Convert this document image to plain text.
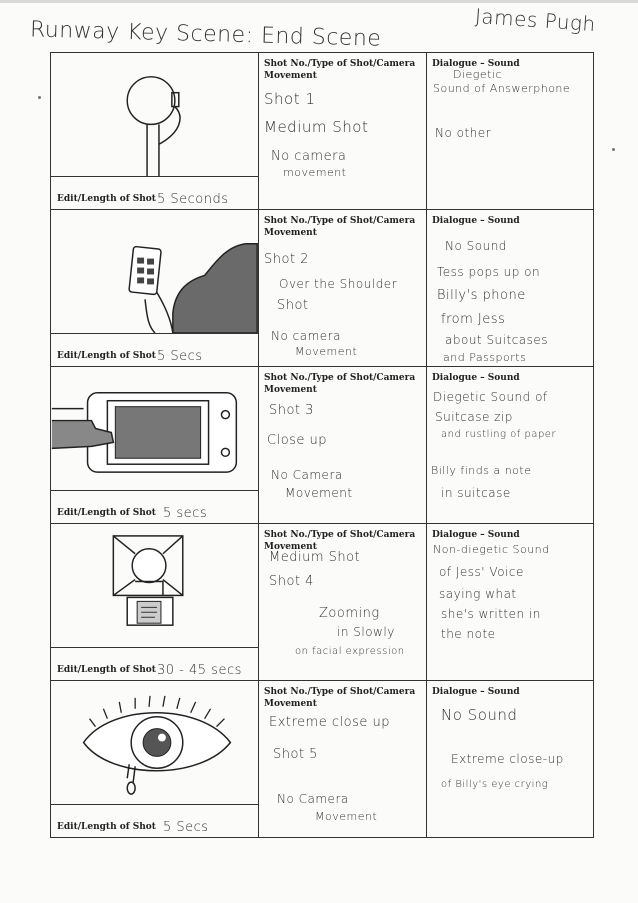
Runway Key Scene: End Scene	James Pugh
Edit/Length of Shot 5 Seconds
Shot No./Type of Shot/Camera Movement
Shot 1
Medium Shot
No camera
movement
Dialogue – Sound
Diegetic
Sound of Answerphone
No other
Edit/Length of Shot 5 Secs
Shot No./Type of Shot/Camera Movement
Shot 2
Over the Shoulder
Shot
No camera
Movement
Dialogue – Sound
No Sound
Tess pops up on
Billy's phone
from Jess
about Suitcases
and Passports
Edit/Length of Shot 5 secs
Shot No./Type of Shot/Camera Movement
Shot 3
Close up
No Camera
Movement
Dialogue – Sound
Diegetic Sound of
Suitcase zip
and rustling of paper
Billy finds a note
in suitcase
Edit/Length of Shot 30 - 45 secs
Shot No./Type of Shot/Camera Movement
Medium Shot
Shot 4
Zooming
in Slowly
on facial expression
Dialogue – Sound
Non-diegetic Sound
of Jess' Voice
saying what
she's written in
the note
Edit/Length of Shot 5 Secs
Shot No./Type of Shot/Camera Movement
Extreme close up
Shot 5
No Camera
Movement
Dialogue – Sound
No Sound
Extreme close-up
of Billy's eye crying
